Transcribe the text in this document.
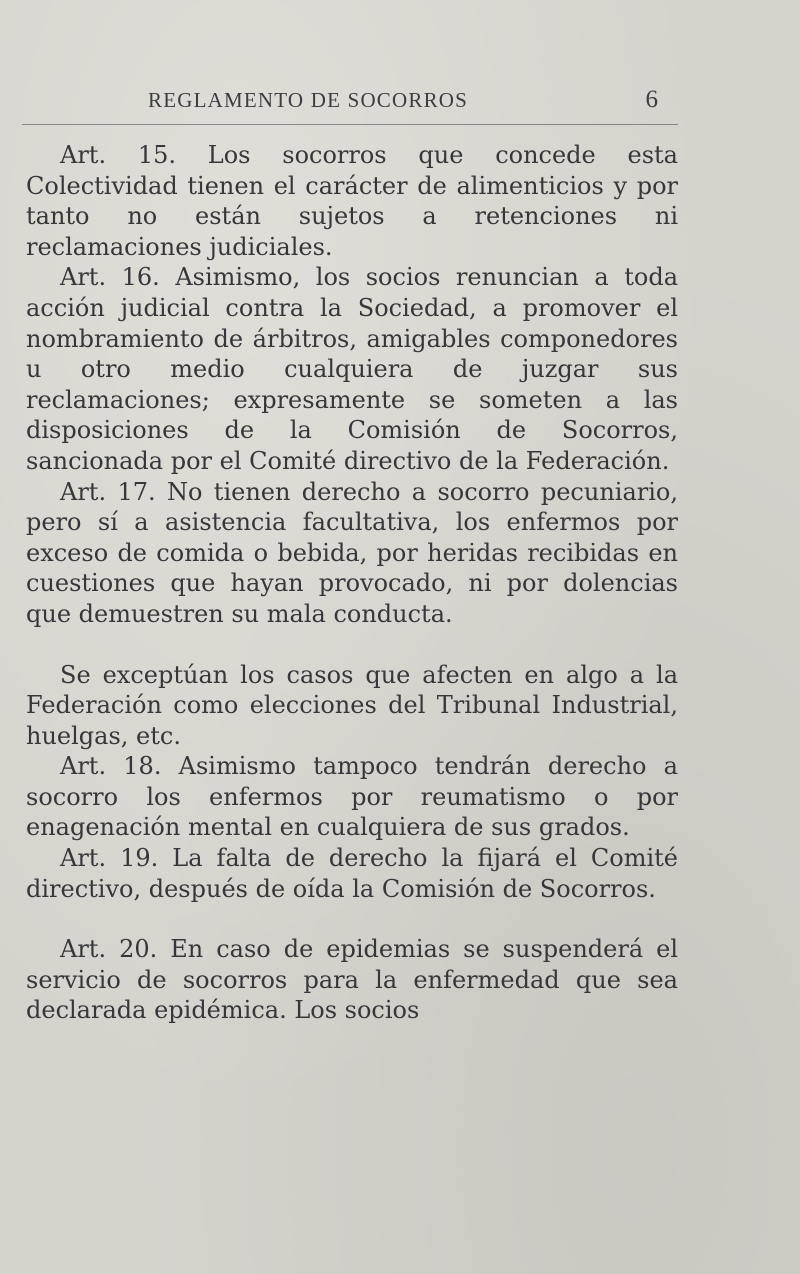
REGLAMENTO DE SOCORROS	6

Art. 15. Los socorros que concede esta Colectividad tienen el carácter de alimenticios y por tanto no están sujetos a retenciones ni reclamaciones judiciales.

Art. 16. Asimismo, los socios renuncian a toda acción judicial contra la Sociedad, a promover el nombramiento de árbitros, amigables componedores u otro medio cualquiera de juzgar sus reclamaciones; expresamente se someten a las disposiciones de la Comisión de Socorros, sancionada por el Comité directivo de la Federación.

Art. 17. No tienen derecho a socorro pecuniario, pero sí a asistencia facultativa, los enfermos por exceso de comida o bebida, por heridas recibidas en cuestiones que hayan provocado, ni por dolencias que demuestren su mala conducta.

Se exceptúan los casos que afecten en algo a la Federación como elecciones del Tribunal Industrial, huelgas, etc.

Art. 18. Asimismo tampoco tendrán derecho a socorro los enfermos por reumatismo o por enagenación mental en cualquiera de sus grados.

Art. 19. La falta de derecho la fijará el Comité directivo, después de oída la Comisión de Socorros.

Art. 20. En caso de epidemias se suspenderá el servicio de socorros para la enfermedad que sea declarada epidémica. Los socios
